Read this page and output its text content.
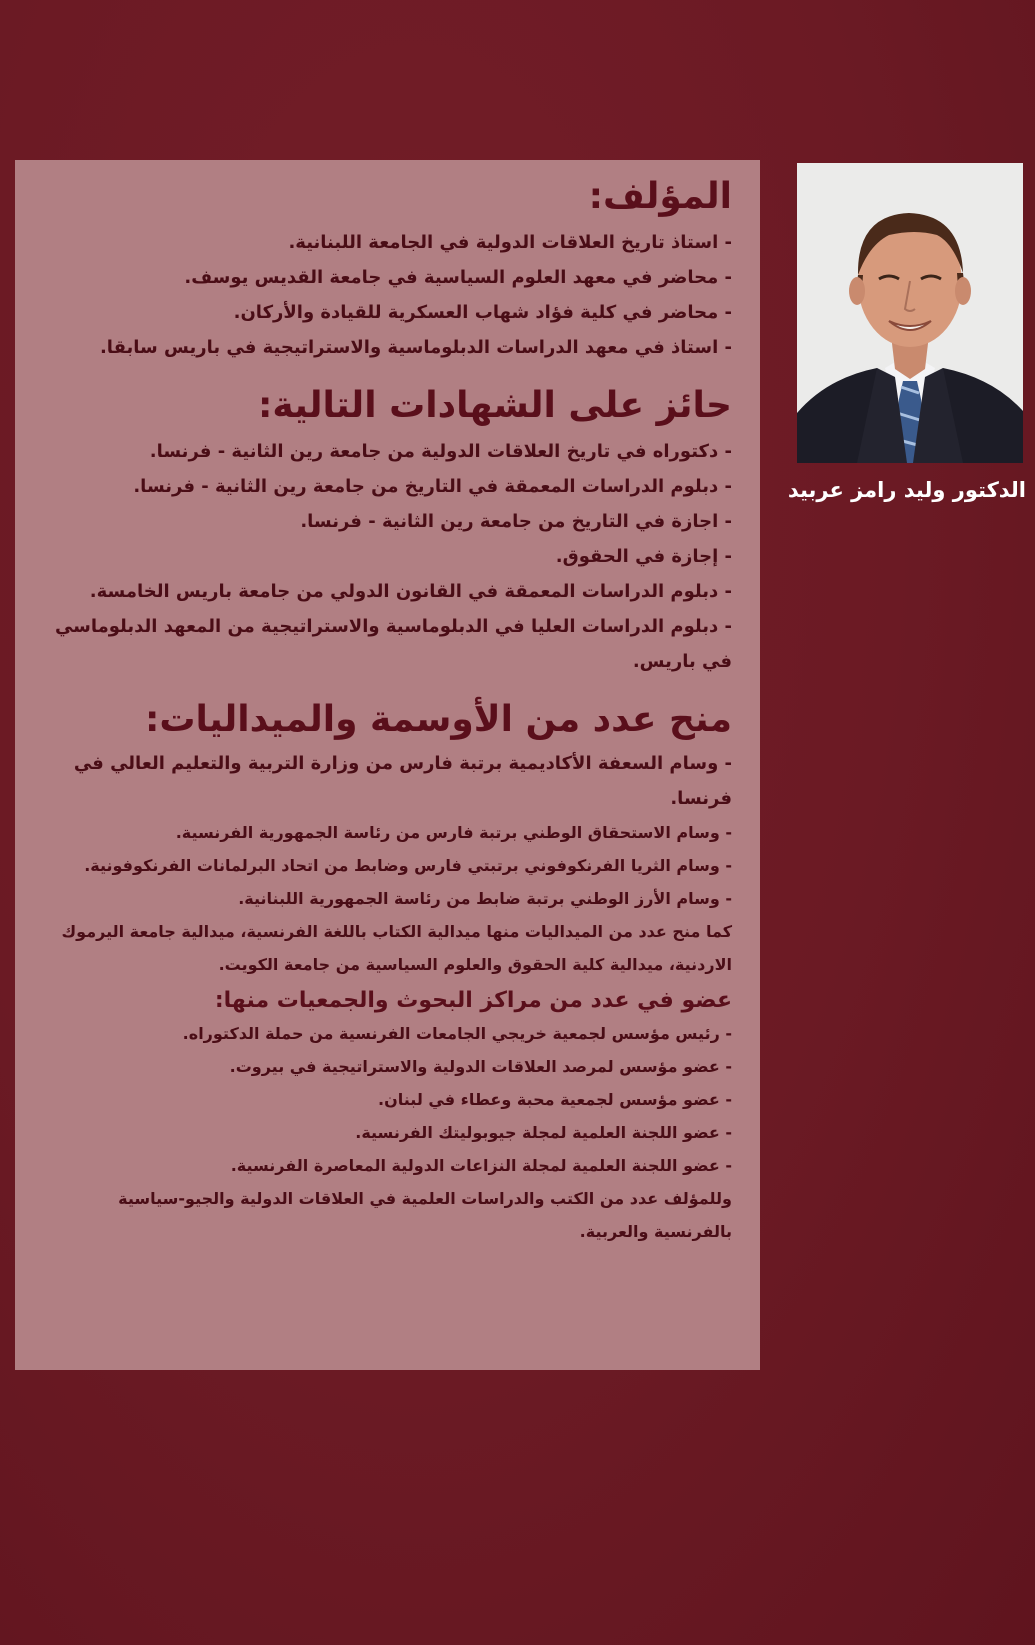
الدكتور وليد رامز عربيد
المؤلف:
- استاذ تاريخ العلاقات الدولية في الجامعة اللبنانية.
- محاضر في معهد العلوم السياسية في جامعة القديس يوسف.
- محاضر في كلية فؤاد شهاب العسكرية للقيادة والأركان.
- استاذ في معهد الدراسات الدبلوماسية والاستراتيجية في باريس سابقا.
حائز على الشهادات التالية:
- دكتوراه في تاريخ العلاقات الدولية من جامعة رين الثانية - فرنسا.
- دبلوم الدراسات المعمقة في التاريخ من جامعة رين الثانية - فرنسا.
- اجازة في التاريخ من جامعة رين الثانية - فرنسا.
- إجازة في الحقوق.
- دبلوم الدراسات المعمقة في القانون الدولي من جامعة باريس الخامسة.
- دبلوم الدراسات العليا في الدبلوماسية والاستراتيجية من المعهد الدبلوماسي في باريس.
منح عدد من الأوسمة والميداليات:
- وسام السعفة الأكاديمية برتبة فارس من وزارة التربية والتعليم العالي في فرنسا.
- وسام الاستحقاق الوطني برتبة فارس من رئاسة الجمهورية الفرنسية.
- وسام الثريا الفرنكوفوني برتبتي فارس وضابط من اتحاد البرلمانات الفرنكوفونية.
- وسام الأرز الوطني برتبة ضابط من رئاسة الجمهورية اللبنانية.

كما منح عدد من الميداليات منها ميدالية الكتاب باللغة الفرنسية، ميدالية جامعة اليرموك الاردنية، ميدالية كلية الحقوق والعلوم السياسية من جامعة الكويت.

عضو في عدد من مراكز البحوث والجمعيات منها:
- رئيس مؤسس لجمعية خريجي الجامعات الفرنسية من حملة الدكتوراه.
- عضو مؤسس لمرصد العلاقات الدولية والاستراتيجية في بيروت.
- عضو مؤسس لجمعية محبة وعطاء في لبنان.
- عضو اللجنة العلمية لمجلة جيوبوليتك الفرنسية.
- عضو اللجنة العلمية لمجلة النزاعات الدولية المعاصرة الفرنسية.

وللمؤلف عدد من الكتب والدراسات العلمية في العلاقات الدولية والجيو-سياسية بالفرنسية والعربية.
